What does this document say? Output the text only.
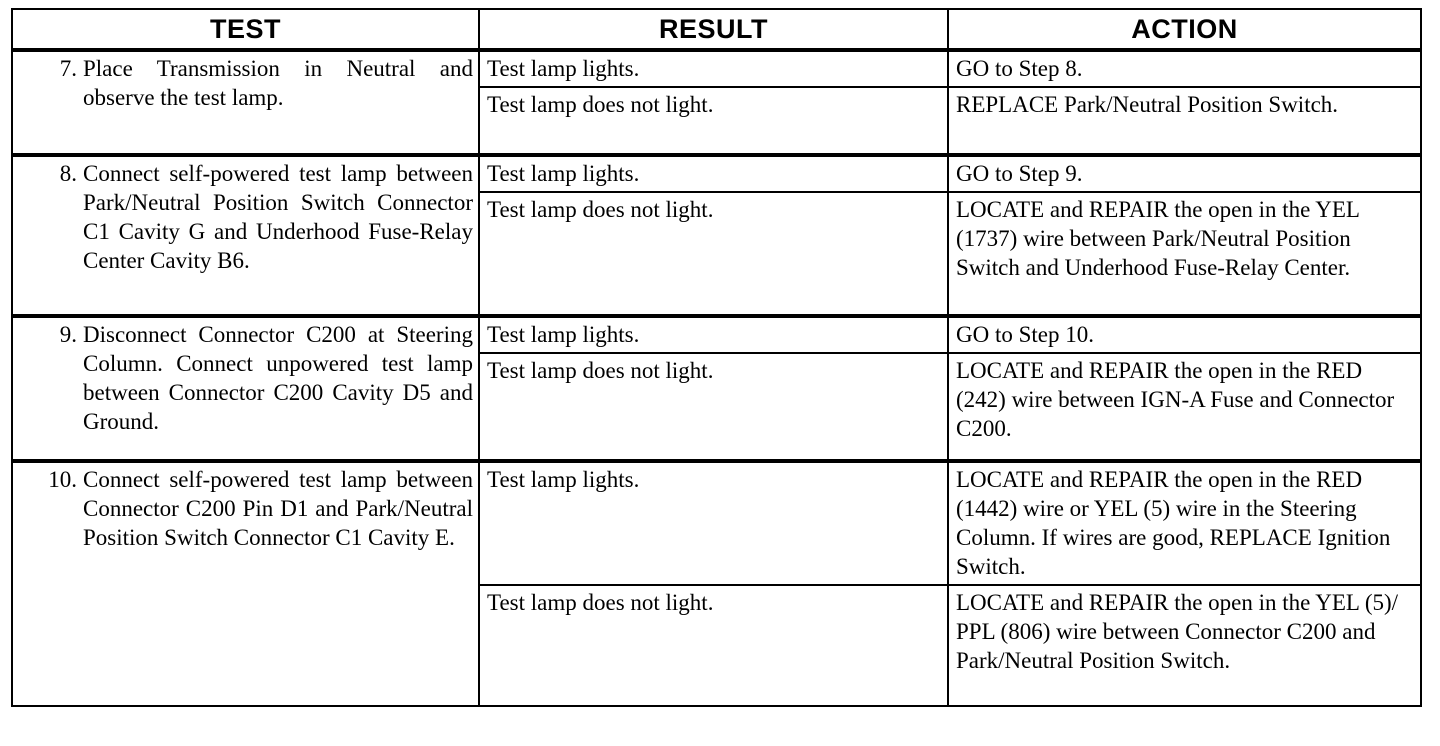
TEST	RESULT	ACTION

7. Place Transmission in Neutral and observe the test lamp.	Test lamp lights.	GO to Step 8.
	Test lamp does not light.	REPLACE Park/Neutral Position Switch.

8. Connect self-powered test lamp between Park/Neutral Position Switch Connector C1 Cavity G and Underhood Fuse-Relay Center Cavity B6.	Test lamp lights.	GO to Step 9.
	Test lamp does not light.	LOCATE and REPAIR the open in the YEL (1737) wire between Park/Neutral Position Switch and Underhood Fuse-Relay Center.

9. Disconnect Connector C200 at Steering Column. Connect unpowered test lamp between Connector C200 Cavity D5 and Ground.	Test lamp lights.	GO to Step 10.
	Test lamp does not light.	LOCATE and REPAIR the open in the RED (242) wire between IGN-A Fuse and Connector C200.

10. Connect self-powered test lamp between Connector C200 Pin D1 and Park/Neutral Position Switch Connector C1 Cavity E.	Test lamp lights.	LOCATE and REPAIR the open in the RED (1442) wire or YEL (5) wire in the Steering Column. If wires are good, REPLACE Ignition Switch.
	Test lamp does not light.	LOCATE and REPAIR the open in the YEL (5)/ PPL (806) wire between Connector C200 and Park/Neutral Position Switch.
